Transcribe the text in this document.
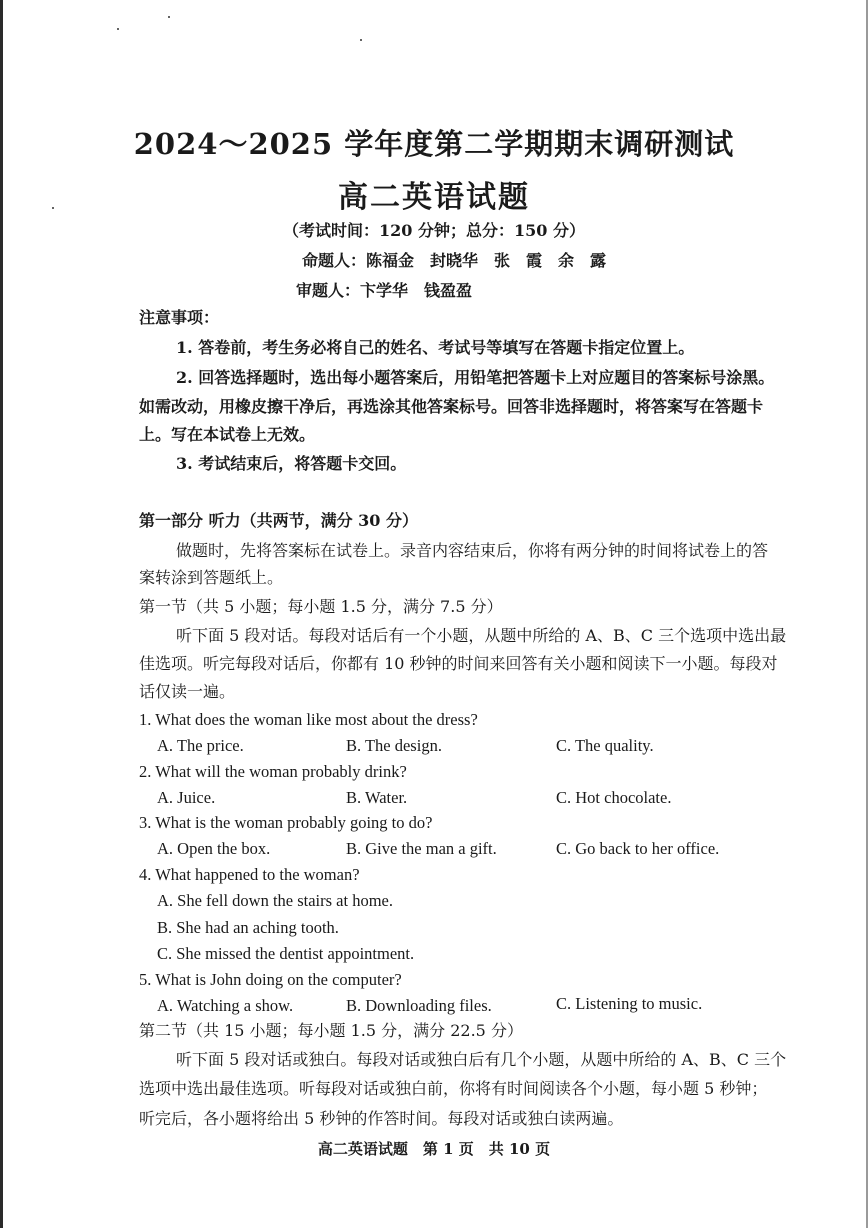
2024～2025 学年度第二学期期末调研测试
高二英语试题
（考试时间：120 分钟；总分：150 分）
命题人：陈福金　封晓华　张　霞　余　露
审题人：卞学华　钱盈盈
注意事项：
1. 答卷前，考生务必将自己的姓名、考试号等填写在答题卡指定位置上。
2. 回答选择题时，选出每小题答案后，用铅笔把答题卡上对应题目的答案标号涂黑。
如需改动，用橡皮擦干净后，再选涂其他答案标号。回答非选择题时，将答案写在答题卡
上。写在本试卷上无效。
3. 考试结束后，将答题卡交回。
第一部分 听力（共两节，满分 30 分）
做题时，先将答案标在试卷上。录音内容结束后，你将有两分钟的时间将试卷上的答
案转涂到答题纸上。
第一节（共 5 小题；每小题 1.5 分，满分 7.5 分）
听下面 5 段对话。每段对话后有一个小题，从题中所给的 A、B、C 三个选项中选出最
佳选项。听完每段对话后，你都有 10 秒钟的时间来回答有关小题和阅读下一小题。每段对
话仅读一遍。
1. What does the woman like most about the dress?
A. The price.	B. The design.	C. The quality.
2. What will the woman probably drink?
A. Juice.	B. Water.	C. Hot chocolate.
3. What is the woman probably going to do?
A. Open the box.	B. Give the man a gift.	C. Go back to her office.
4. What happened to the woman?
A. She fell down the stairs at home.
B. She had an aching tooth.
C. She missed the dentist appointment.
5. What is John doing on the computer?
A. Watching a show.	B. Downloading files.	C. Listening to music.
第二节（共 15 小题；每小题 1.5 分，满分 22.5 分）
听下面 5 段对话或独白。每段对话或独白后有几个小题，从题中所给的 A、B、C 三个
选项中选出最佳选项。听每段对话或独白前，你将有时间阅读各个小题，每小题 5 秒钟；
听完后，各小题将给出 5 秒钟的作答时间。每段对话或独白读两遍。
高二英语试题　第 1 页　共 10 页
